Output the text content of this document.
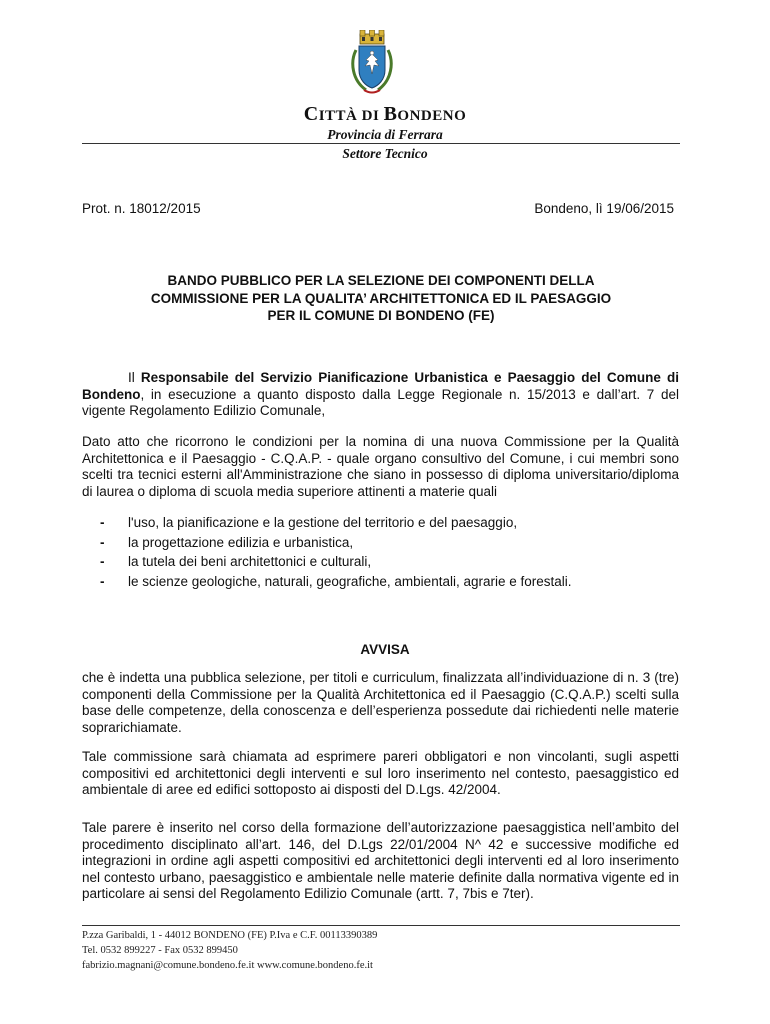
CITTÀ DI BONDENO
Provincia di Ferrara
Settore Tecnico
Prot. n. 18012/2015	Bondeno, lì 19/06/2015
BANDO PUBBLICO PER LA SELEZIONE DEI COMPONENTI DELLA
COMMISSIONE PER LA QUALITA’ ARCHITETTONICA ED IL PAESAGGIO
PER IL COMUNE DI BONDENO (FE)
Il Responsabile del Servizio Pianificazione Urbanistica e Paesaggio del Comune di Bondeno, in esecuzione a quanto disposto dalla Legge Regionale n. 15/2013 e dall’art. 7 del vigente Regolamento Edilizio Comunale,
Dato atto che ricorrono le condizioni per la nomina di una nuova Commissione per la Qualità Architettonica e il Paesaggio - C.Q.A.P. - quale organo consultivo del Comune, i cui membri sono scelti tra tecnici esterni all'Amministrazione che siano in possesso di diploma universitario/diploma di laurea o diploma di scuola media superiore attinenti a materie quali
- l'uso, la pianificazione e la gestione del territorio e del paesaggio,
- la progettazione edilizia e urbanistica,
- la tutela dei beni architettonici e culturali,
- le scienze geologiche, naturali, geografiche, ambientali, agrarie e forestali.
AVVISA
che è indetta una pubblica selezione, per titoli e curriculum, finalizzata all’individuazione di n. 3 (tre) componenti della Commissione per la Qualità Architettonica ed il Paesaggio (C.Q.A.P.) scelti sulla base delle competenze, della conoscenza e dell’esperienza possedute dai richiedenti nelle materie soprarichiamate.
Tale commissione sarà chiamata ad esprimere pareri obbligatori e non vincolanti, sugli aspetti compositivi ed architettonici degli interventi e sul loro inserimento nel contesto, paesaggistico ed ambientale di aree ed edifici sottoposto ai disposti del D.Lgs. 42/2004.
Tale parere è inserito nel corso della formazione dell’autorizzazione paesaggistica nell’ambito del procedimento disciplinato all’art. 146, del D.Lgs 22/01/2004 N^ 42 e successive modifiche ed integrazioni in ordine agli aspetti compositivi ed architettonici degli interventi ed al loro inserimento nel contesto urbano, paesaggistico e ambientale nelle materie definite dalla normativa vigente ed in particolare ai sensi del Regolamento Edilizio Comunale (artt. 7, 7bis e 7ter).
P.zza Garibaldi, 1 - 44012 BONDENO (FE) P.Iva e C.F. 00113390389
Tel. 0532 899227 - Fax 0532 899450
fabrizio.magnani@comune.bondeno.fe.it www.comune.bondeno.fe.it
